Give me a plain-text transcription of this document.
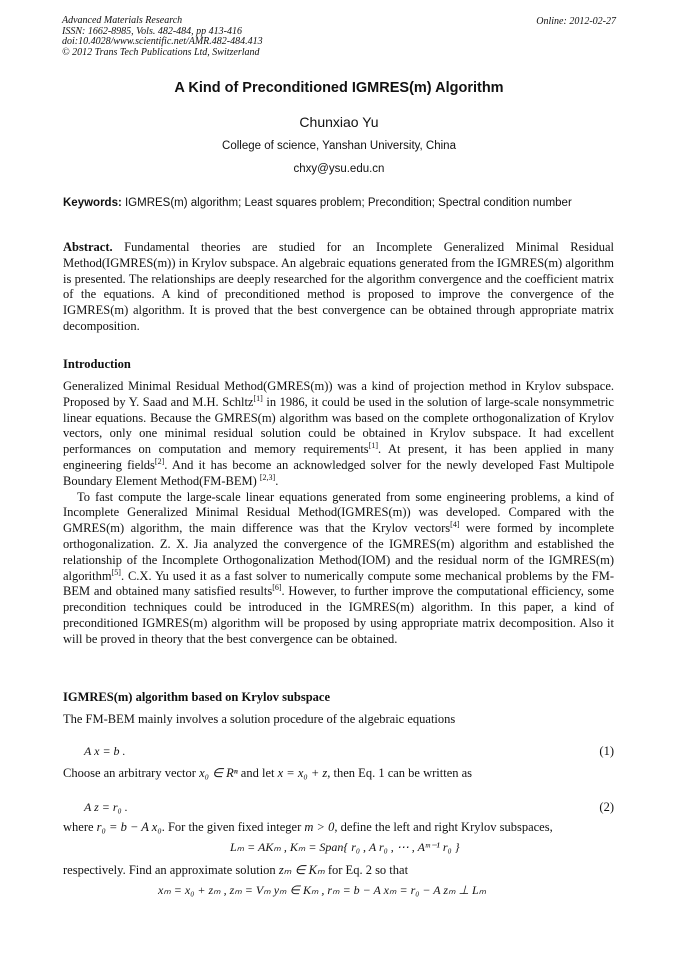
Advanced Materials Research
ISSN: 1662-8985, Vols. 482-484, pp 413-416
doi:10.4028/www.scientific.net/AMR.482-484.413
© 2012 Trans Tech Publications Ltd, Switzerland
Online: 2012-02-27
A Kind of Preconditioned IGMRES(m) Algorithm
Chunxiao Yu
College of science, Yanshan University, China
chxy@ysu.edu.cn
Keywords: IGMRES(m) algorithm; Least squares problem; Precondition; Spectral condition number

Abstract. Fundamental theories are studied for an Incomplete Generalized Minimal Residual Method(IGMRES(m)) in Krylov subspace. An algebraic equations generated from the IGMRES(m) algorithm is presented. The relationships are deeply researched for the algorithm convergence and the coefficient matrix of the equations. A kind of preconditioned method is proposed to improve the convergence of the IGMRES(m) algorithm. It is proved that the best convergence can be obtained through appropriate matrix decomposition.

Introduction

Generalized Minimal Residual Method(GMRES(m)) was a kind of projection method in Krylov subspace. Proposed by Y. Saad and M.H. Schltz[1] in 1986, it could be used in the solution of large-scale nonsymmetric linear equations. Because the GMRES(m) algorithm was based on the complete orthogonalization of Krylov vectors, only one minimal residual solution could be obtained in Krylov subspace. It had excellent performances on computation and memory requirements[1]. At present, it has been applied in many engineering fields[2]. And it has become an acknowledged solver for the newly developed Fast Multipole Boundary Element Method(FM-BEM) [2,3].

To fast compute the large-scale linear equations generated from some engineering problems, a kind of Incomplete Generalized Minimal Residual Method(IGMRES(m)) was developed. Compared with the GMRES(m) algorithm, the main difference was that the Krylov vectors[4] were formed by incomplete orthogonalization. Z. X. Jia analyzed the convergence of the IGMRES(m) algorithm and established the relationship of the Incomplete Orthogonalization Method(IOM) and the residual norm of the IGMRES(m) algorithm[5]. C.X. Yu used it as a fast solver to numerically compute some mechanical problems by the FM-BEM and obtained many satisfied results[6]. However, to further improve the computational efficiency, some precondition techniques could be introduced in the IGMRES(m) algorithm. In this paper, a kind of preconditioned IGMRES(m) algorithm will be proposed by using appropriate matrix decomposition. Also it will be proved in theory that the best convergence can be obtained.

IGMRES(m) algorithm based on Krylov subspace
The FM-BEM mainly involves a solution procedure of the algebraic equations
A x = b .	(1)
Choose an arbitrary vector x₀ ∈ Rⁿ and let x = x₀ + z, then Eq. 1 can be written as
A z = r₀ .	(2)
where r₀ = b − A x₀. For the given fixed integer m > 0, define the left and right Krylov subspaces,
Lₘ = AKₘ , Kₘ = Span{ r₀ , A r₀ , ⋯ , Aᵐ⁻¹ r₀ }
respectively. Find an approximate solution zₘ ∈ Kₘ for Eq. 2 so that
xₘ = x₀ + zₘ , zₘ = Vₘ yₘ ∈ Kₘ , rₘ = b − A xₘ = r₀ − A zₘ ⊥ Lₘ
